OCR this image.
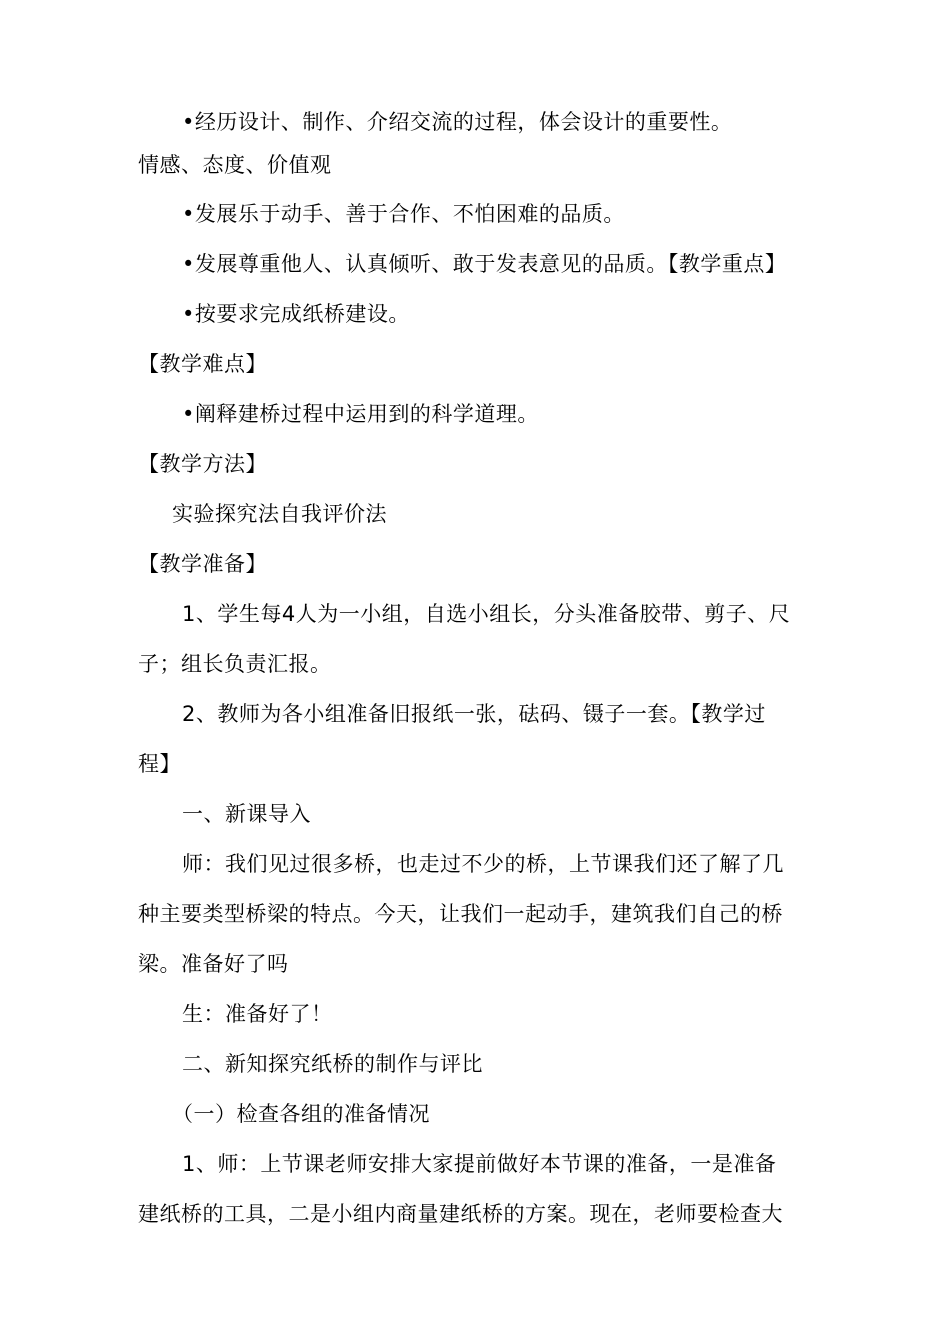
•经历设计、制作、介绍交流的过程，体会设计的重要性。
情感、态度、价值观
•发展乐于动手、善于合作、不怕困难的品质。
•发展尊重他人、认真倾听、敢于发表意见的品质。【教学重点】
•按要求完成纸桥建设。
【教学难点】
•阐释建桥过程中运用到的科学道理。
【教学方法】
实验探究法自我评价法
【教学准备】
1、学生每4人为一小组，自选小组长，分头准备胶带、剪子、尺
子；组长负责汇报。
2、教师为各小组准备旧报纸一张，砝码、镊子一套。【教学过
程】
一、新课导入
师：我们见过很多桥，也走过不少的桥，上节课我们还了解了几
种主要类型桥梁的特点。今天，让我们一起动手，建筑我们自己的桥
梁。准备好了吗
生：准备好了！
二、新知探究纸桥的制作与评比
（一）检查各组的准备情况
1、师：上节课老师安排大家提前做好本节课的准备，一是准备
建纸桥的工具，二是小组内商量建纸桥的方案。现在，老师要检查大
